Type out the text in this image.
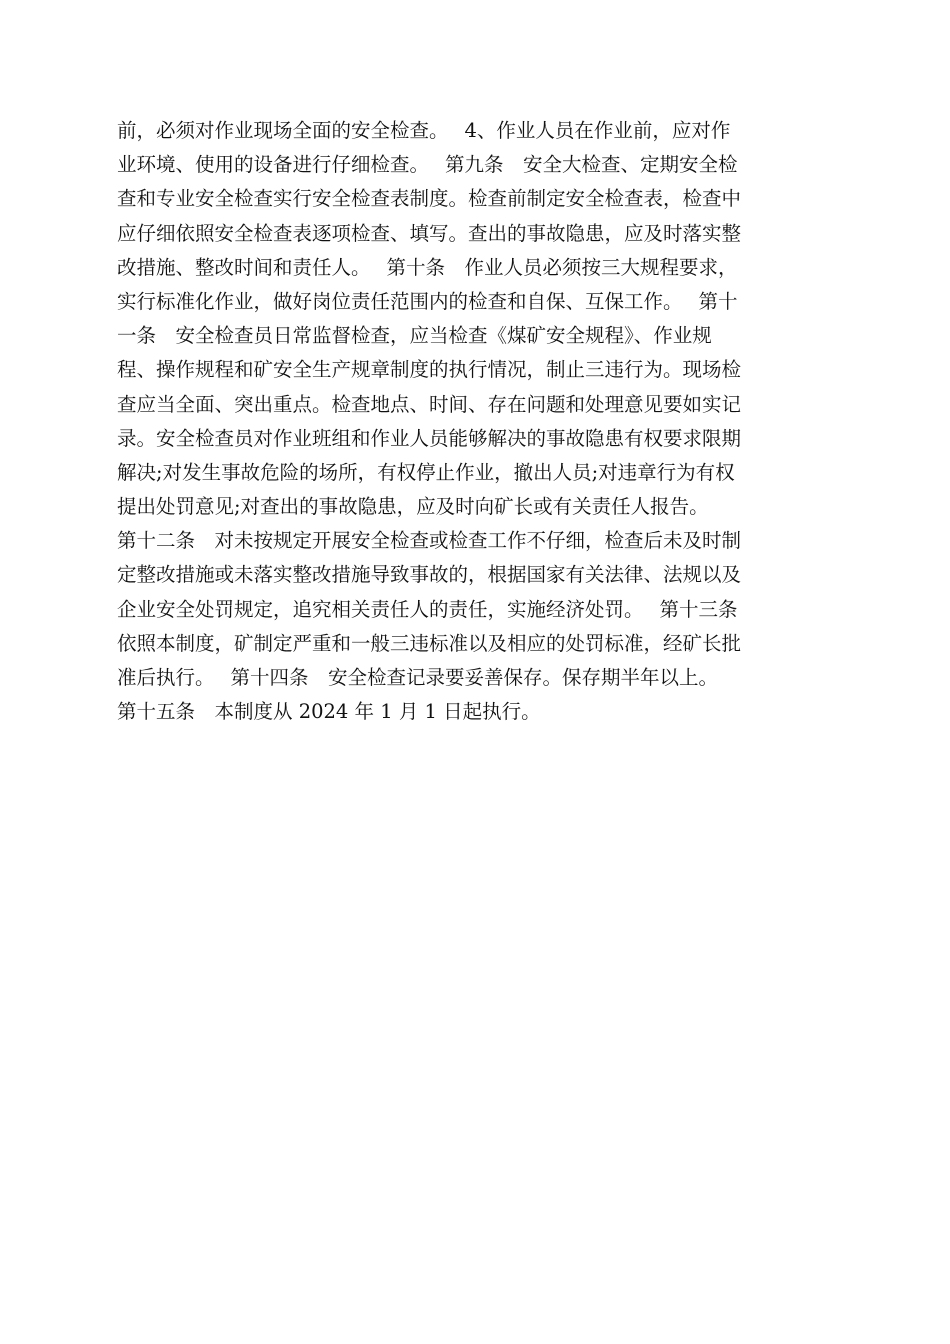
前，必须对作业现场全面的安全检查。　 4、作业人员在作业前，应对作
业环境、使用的设备进行仔细检查。　 第九条　安全大检查、定期安全检
查和专业安全检查实行安全检查表制度。检查前制定安全检查表，检查中
应仔细依照安全检查表逐项检查、填写。查出的事故隐患，应及时落实整
改措施、整改时间和责任人。　 第十条　作业人员必须按三大规程要求，
实行标准化作业，做好岗位责任范围内的检查和自保、互保工作。　 第十
一条　安全检查员日常监督检查，应当检查《煤矿安全规程》、作业规
程、操作规程和矿安全生产规章制度的执行情况，制止三违行为。现场检
查应当全面、突出重点。检查地点、时间、存在问题和处理意见要如实记
录。安全检查员对作业班组和作业人员能够解决的事故隐患有权要求限期
解决;对发生事故危险的场所，有权停止作业，撤出人员;对违章行为有权
提出处罚意见;对查出的事故隐患，应及时向矿长或有关责任人报告。
第十二条　对未按规定开展安全检查或检查工作不仔细，检查后未及时制
定整改措施或未落实整改措施导致事故的，根据国家有关法律、法规以及
企业安全处罚规定，追究相关责任人的责任，实施经济处罚。　 第十三条
依照本制度，矿制定严重和一般三违标准以及相应的处罚标准，经矿长批
准后执行。　 第十四条　安全检查记录要妥善保存。保存期半年以上。
第十五条　本制度从 2024 年 1 月 1 日起执行。
